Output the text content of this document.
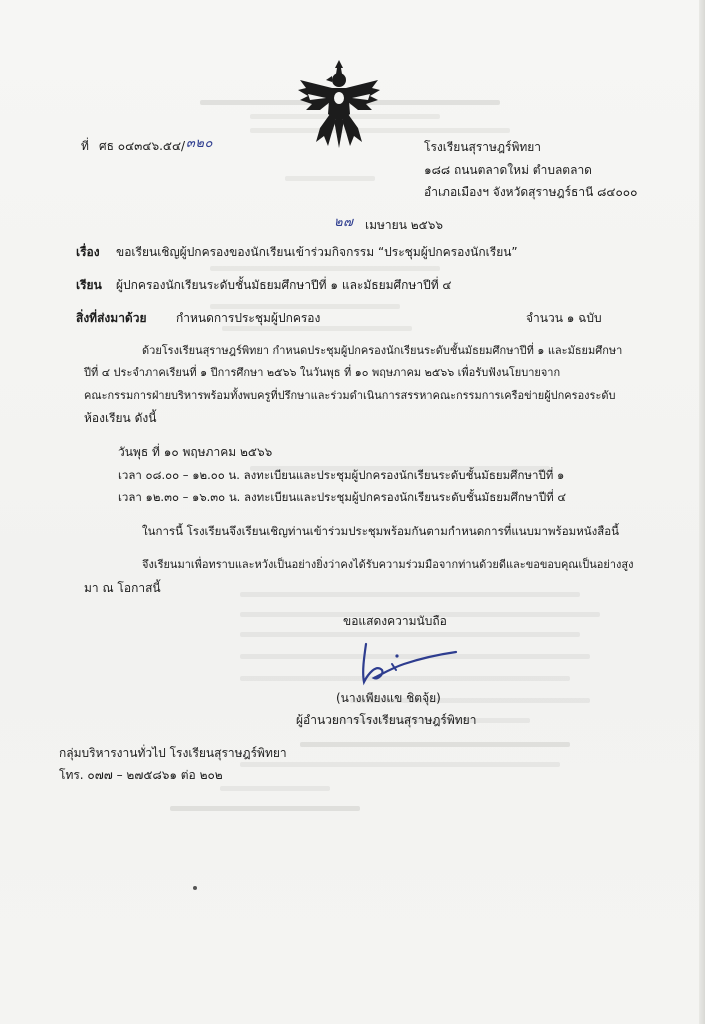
ที่ ศธ ๐๔๓๔๖.๕๔/ ๓๒๐	โรงเรียนสุราษฎร์พิทยา
๑๘๘ ถนนตลาดใหม่ ตำบลตลาด
อำเภอเมืองฯ จังหวัดสุราษฎร์ธานี ๘๔๐๐๐
๒๗ เมษายน ๒๕๖๖
เรื่อง ขอเรียนเชิญผู้ปกครองของนักเรียนเข้าร่วมกิจกรรม “ประชุมผู้ปกครองนักเรียน”
เรียน ผู้ปกครองนักเรียนระดับชั้นมัธยมศึกษาปีที่ ๑ และมัธยมศึกษาปีที่ ๔
สิ่งที่ส่งมาด้วย กำหนดการประชุมผู้ปกครอง	จำนวน ๑ ฉบับ
ด้วยโรงเรียนสุราษฎร์พิทยา กำหนดประชุมผู้ปกครองนักเรียนระดับชั้นมัธยมศึกษาปีที่ ๑ และมัธยมศึกษา
ปีที่ ๔ ประจำภาคเรียนที่ ๑ ปีการศึกษา ๒๕๖๖ ในวันพุธ ที่ ๑๐ พฤษภาคม ๒๕๖๖ เพื่อรับฟังนโยบายจาก
คณะกรรมการฝ่ายบริหารพร้อมทั้งพบครูที่ปรึกษาและร่วมดำเนินการสรรหาคณะกรรมการเครือข่ายผู้ปกครองระดับ
ห้องเรียน ดังนี้
วันพุธ ที่ ๑๐ พฤษภาคม ๒๕๖๖
เวลา ๐๘.๐๐ – ๑๒.๐๐ น. ลงทะเบียนและประชุมผู้ปกครองนักเรียนระดับชั้นมัธยมศึกษาปีที่ ๑
เวลา ๑๒.๓๐ – ๑๖.๓๐ น. ลงทะเบียนและประชุมผู้ปกครองนักเรียนระดับชั้นมัธยมศึกษาปีที่ ๔
ในการนี้ โรงเรียนจึงเรียนเชิญท่านเข้าร่วมประชุมพร้อมกันตามกำหนดการที่แนบมาพร้อมหนังสือนี้
จึงเรียนมาเพื่อทราบและหวังเป็นอย่างยิ่งว่าคงได้รับความร่วมมือจากท่านด้วยดีและขอขอบคุณเป็นอย่างสูง
มา ณ โอกาสนี้
ขอแสดงความนับถือ
(นางเพียงแข ชิตจุ้ย)
ผู้อำนวยการโรงเรียนสุราษฎร์พิทยา
กลุ่มบริหารงานทั่วไป โรงเรียนสุราษฎร์พิทยา
โทร. ๐๗๗ – ๒๗๕๘๖๑ ต่อ ๒๐๒
